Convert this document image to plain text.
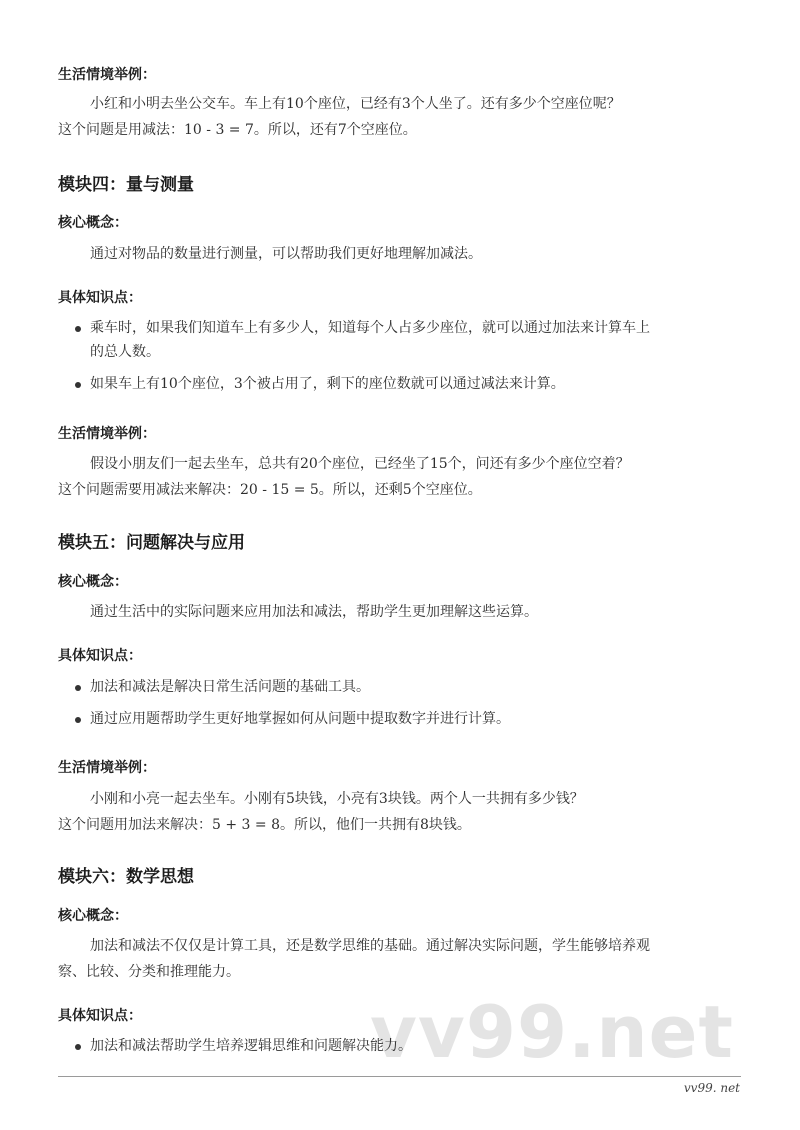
生活情境举例：
小红和小明去坐公交车。车上有10个座位，已经有3个人坐了。还有多少个空座位呢？
这个问题是用减法：10 - 3 = 7。所以，还有7个空座位。
模块四：量与测量
核心概念：
通过对物品的数量进行测量，可以帮助我们更好地理解加减法。
具体知识点：
乘车时，如果我们知道车上有多少人，知道每个人占多少座位，就可以通过加法来计算车上
的总人数。
如果车上有10个座位，3个被占用了，剩下的座位数就可以通过减法来计算。
生活情境举例：
假设小朋友们一起去坐车，总共有20个座位，已经坐了15个，问还有多少个座位空着？
这个问题需要用减法来解决：20 - 15 = 5。所以，还剩5个空座位。
模块五：问题解决与应用
核心概念：
通过生活中的实际问题来应用加法和减法，帮助学生更加理解这些运算。
具体知识点：
加法和减法是解决日常生活问题的基础工具。
通过应用题帮助学生更好地掌握如何从问题中提取数字并进行计算。
生活情境举例：
小刚和小亮一起去坐车。小刚有5块钱，小亮有3块钱。两个人一共拥有多少钱？
这个问题用加法来解决：5 + 3 = 8。所以，他们一共拥有8块钱。
模块六：数学思想
核心概念：
加法和减法不仅仅是计算工具，还是数学思维的基础。通过解决实际问题，学生能够培养观
察、比较、分类和推理能力。
具体知识点：	vv99.net
加法和减法帮助学生培养逻辑思维和问题解决能力。
vv99. net
